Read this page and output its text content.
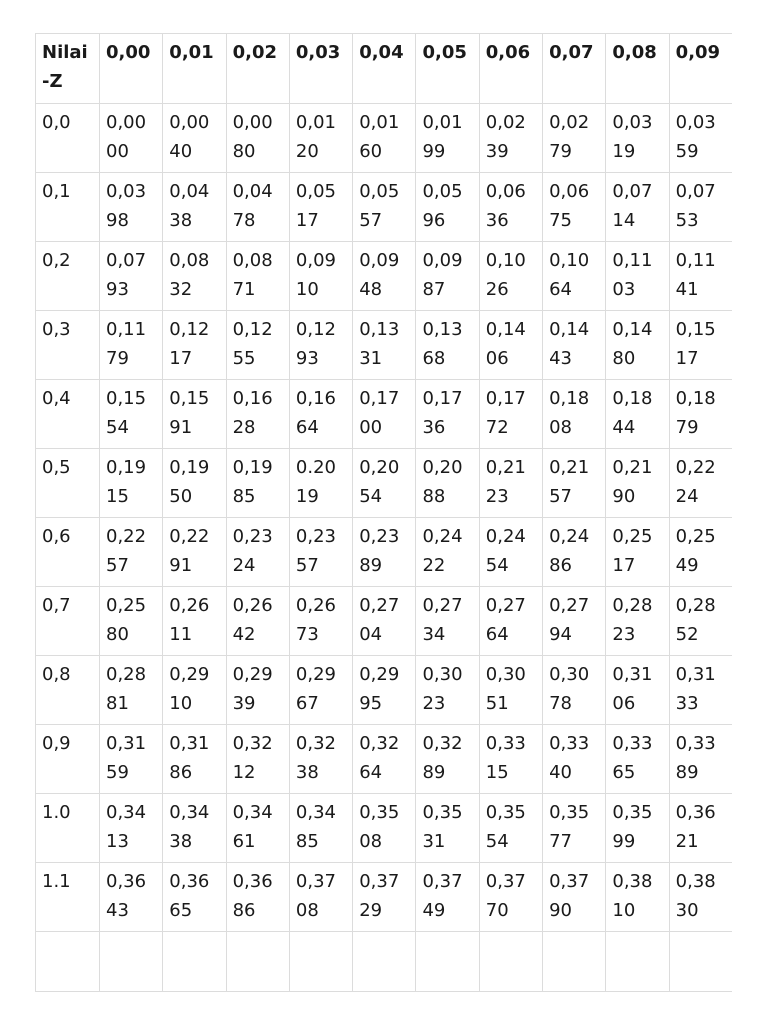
Nilai-Z	0,00	0,01	0,02	0,03	0,04	0,05	0,06	0,07	0,08	0,09
0,0	0,0000	0,0040	0,0080	0,0120	0,0160	0,0199	0,0239	0,0279	0,0319	0,0359
0,1	0,0398	0,0438	0,0478	0,0517	0,0557	0,0596	0,0636	0,0675	0,0714	0,0753
0,2	0,0793	0,0832	0,0871	0,0910	0,0948	0,0987	0,1026	0,1064	0,1103	0,1141
0,3	0,1179	0,1217	0,1255	0,1293	0,1331	0,1368	0,1406	0,1443	0,1480	0,1517
0,4	0,1554	0,1591	0,1628	0,1664	0,1700	0,1736	0,1772	0,1808	0,1844	0,1879
0,5	0,1915	0,1950	0,1985	0.2019	0,2054	0,2088	0,2123	0,2157	0,2190	0,2224
0,6	0,2257	0,2291	0,2324	0,2357	0,2389	0,2422	0,2454	0,2486	0,2517	0,2549
0,7	0,2580	0,2611	0,2642	0,2673	0,2704	0,2734	0,2764	0,2794	0,2823	0,2852
0,8	0,2881	0,2910	0,2939	0,2967	0,2995	0,3023	0,3051	0,3078	0,3106	0,3133
0,9	0,3159	0,3186	0,3212	0,3238	0,3264	0,3289	0,3315	0,3340	0,3365	0,3389
1.0	0,3413	0,3438	0,3461	0,3485	0,3508	0,3531	0,3554	0,3577	0,3599	0,3621
1.1	0,3643	0,3665	0,3686	0,3708	0,3729	0,3749	0,3770	0,3790	0,3810	0,3830
